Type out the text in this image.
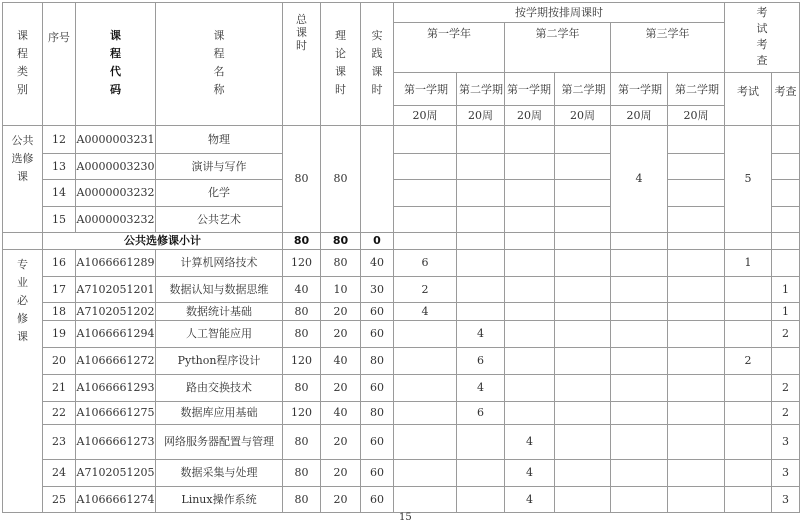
课程类别	序号	课程代码	课程名称	总课时	理论课时	实践课时	按学期按排周课时						考试考查	
							第一学年		第二学年		第三学年			
							第一学期	第二学期	第一学期	第二学期	第一学期	第二学期	考试	考查
							20周	20周	20周	20周	20周	20周		
公共选修课	12	A0000003231	物理	80	80						4		5	
	13	A0000003230	演讲与写作											
	14	A0000003232	化学											
	15	A0000003232	公共艺术											
	公共选修课小计			80	80	0								
专业必修课	16	A1066661289	计算机网络技术	120	80	40	6						1	
	17	A7102051201	数据认知与数据思维	40	10	30	2							1
	18	A7102051202	数据统计基础	80	20	60	4							1
	19	A1066661294	人工智能应用	80	20	60		4						2
	20	A1066661272	Python程序设计	120	40	80		6					2	
	21	A1066661293	路由交换技术	80	20	60		4						2
	22	A1066661275	数据库应用基础	120	40	80		6						2
	23	A1066661273	网络服务器配置与管理	80	20	60			4					3
	24	A7102051205	数据采集与处理	80	20	60			4					3
	25	A1066661274	Linux操作系统	80	20	60			4					3
15
